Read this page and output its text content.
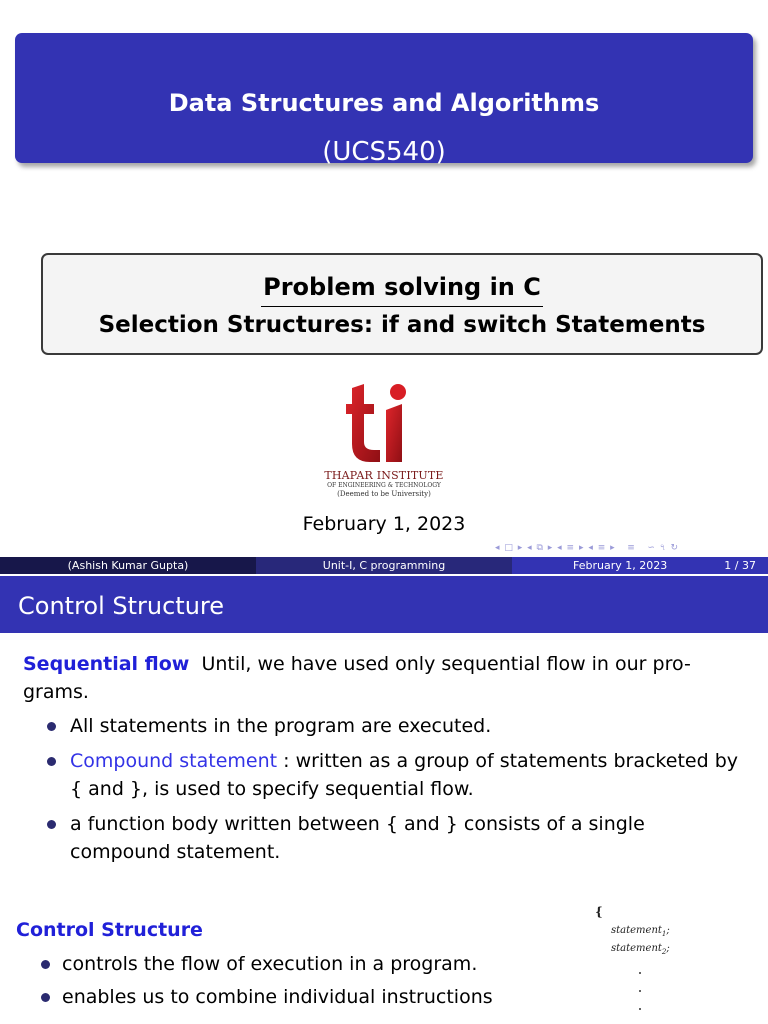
Data Structures and Algorithms
(UCS540)
Problem solving in C
Selection Structures: if and switch Statements
THAPAR INSTITUTE
OF ENGINEERING & TECHNOLOGY
(Deemed to be University)
February 1, 2023
◂ □ ▸ ◂ ⧉ ▸ ◂ ≡ ▸ ◂ ≡ ▸   ≡   ∽ ৭ ↻
(Ashish Kumar Gupta)	Unit-I, C programming	February 1, 2023	1 / 37
Control Structure
Sequential flow Until, we have used only sequential flow in our pro-
grams.
All statements in the program are executed.
Compound statement : written as a group of statements bracketed by { and }, is used to specify sequential flow.
a function body written between { and } consists of a single compound statement.
Control Structure
controls the flow of execution in a program.
enables us to combine individual instructions
{
statement$_1$;
statement$_2$;
